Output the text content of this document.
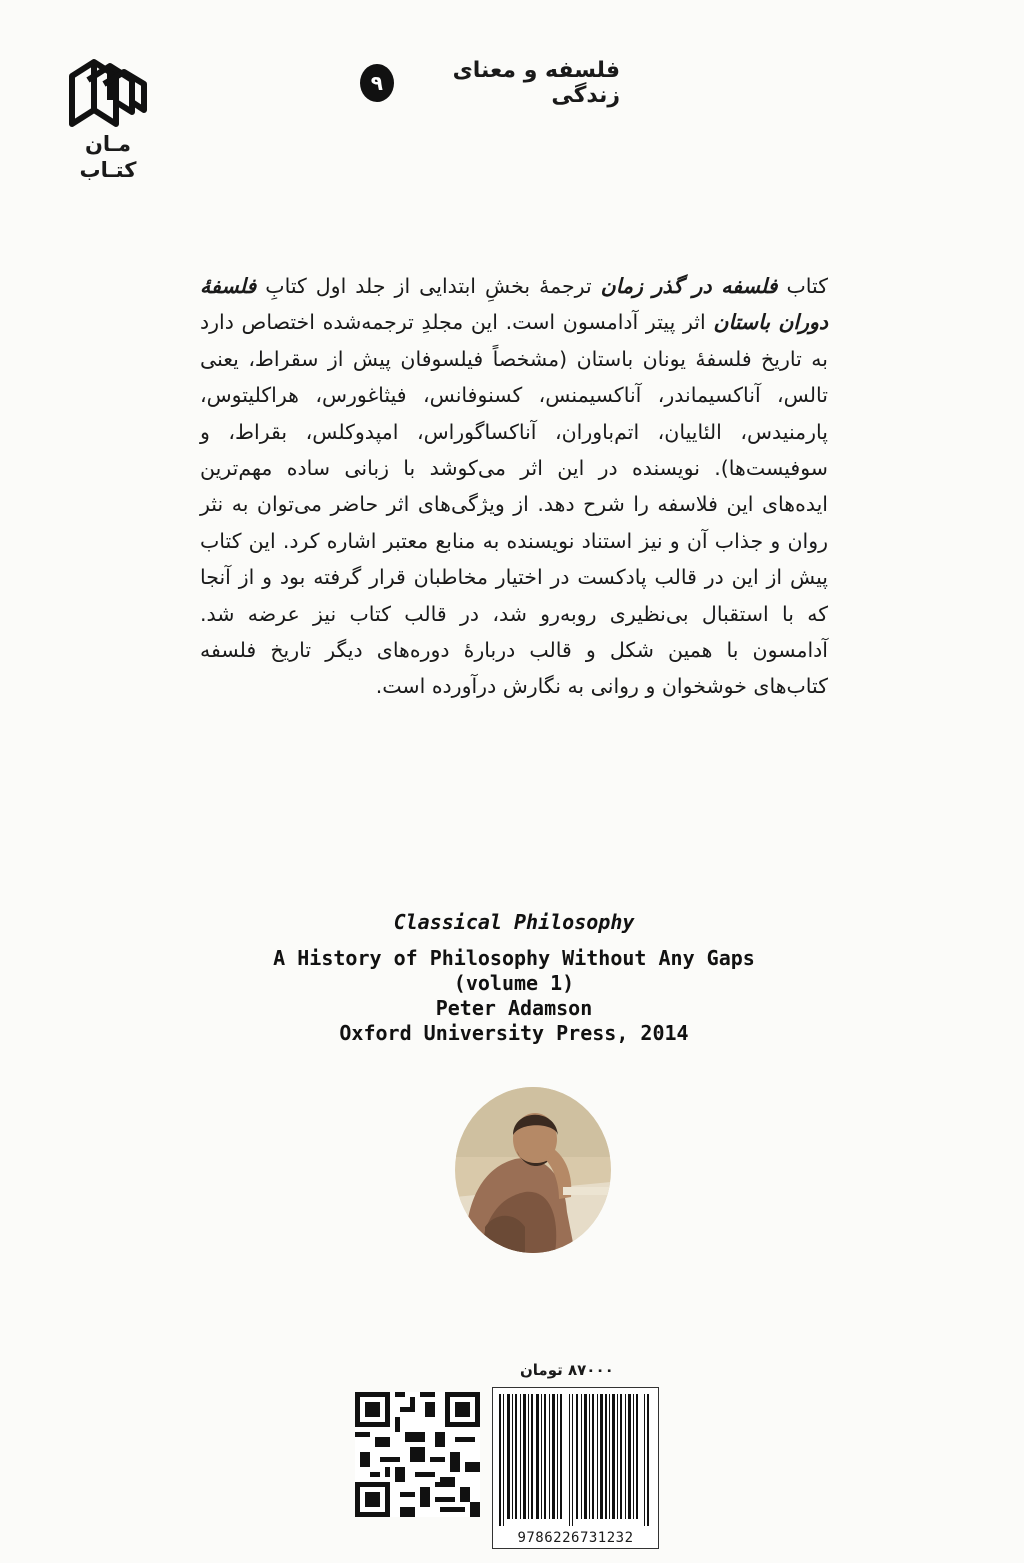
فلسفه و معنای زندگی
۹
مـان
کتـاب
کتاب فلسفه در گذر زمان ترجمهٔ بخشِ ابتدایی از جلد اول کتابِ فلسفهٔ دوران باستان اثر پیتر آدامسون است. این مجلدِ ترجمه‌شده اختصاص دارد به تاریخ فلسفهٔ یونان باستان (مشخصاً فیلسوفان پیش از سقراط، یعنی تالس، آناکسیماندر، آناکسیمنس، کسنوفانس، فیثاغورس، هراکلیتوس، پارمنیدس، الئاییان، اتم‌باوران، آناکساگوراس، امپدوکلس، بقراط، و سوفیست‌ها). نویسنده در این اثر می‌کوشد با زبانی ساده مهم‌ترین ایده‌های این فلاسفه را شرح دهد. از ویژگی‌های اثر حاضر می‌توان به نثر روان و جذاب آن و نیز استناد نویسنده به منابع معتبر اشاره کرد. این کتاب پیش از این در قالب پادکست در اختیار مخاطبان قرار گرفته بود و از آنجا که با استقبال بی‌نظیری روبه‌رو شد، در قالب کتاب نیز عرضه شد. آدامسون با همین شکل و قالب دربارهٔ دوره‌های دیگر تاریخ فلسفه کتاب‌های خوشخوان و روانی به نگارش درآورده است.
Classical Philosophy
A History of Philosophy Without Any Gaps
(volume 1)
Peter Adamson
Oxford University Press, 2014
۸۷۰۰۰ تومان
9786226731232
